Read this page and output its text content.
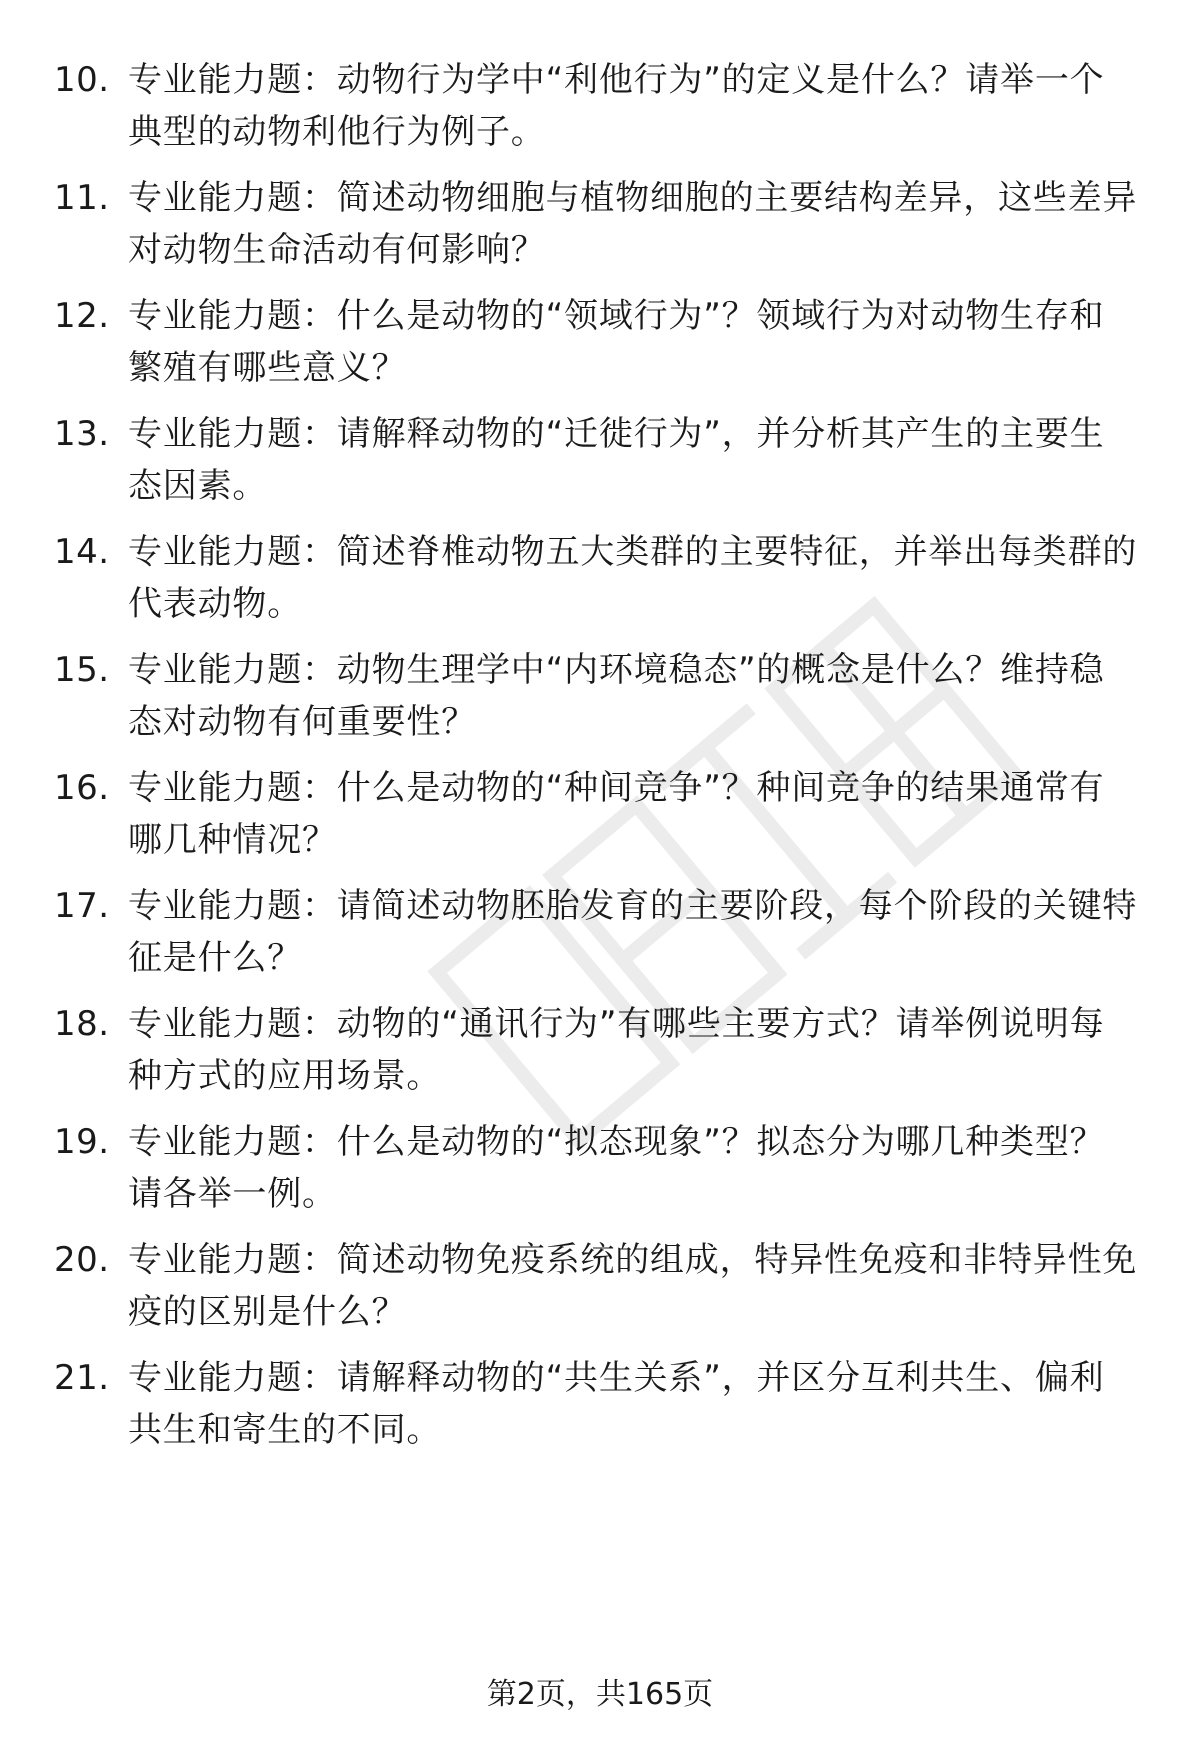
10. 专业能力题：动物行为学中“利他行为”的定义是什么？请举一个典型的动物利他行为例子。
11. 专业能力题：简述动物细胞与植物细胞的主要结构差异，这些差异对动物生命活动有何影响？
12. 专业能力题：什么是动物的“领域行为”？领域行为对动物生存和繁殖有哪些意义？
13. 专业能力题：请解释动物的“迁徙行为”，并分析其产生的主要生态因素。
14. 专业能力题：简述脊椎动物五大类群的主要特征，并举出每类群的代表动物。
15. 专业能力题：动物生理学中“内环境稳态”的概念是什么？维持稳态对动物有何重要性？
16. 专业能力题：什么是动物的“种间竞争”？种间竞争的结果通常有哪几种情况？
17. 专业能力题：请简述动物胚胎发育的主要阶段，每个阶段的关键特征是什么？
18. 专业能力题：动物的“通讯行为”有哪些主要方式？请举例说明每种方式的应用场景。
19. 专业能力题：什么是动物的“拟态现象”？拟态分为哪几种类型？请各举一例。
20. 专业能力题：简述动物免疫系统的组成，特异性免疫和非特异性免疫的区别是什么？
21. 专业能力题：请解释动物的“共生关系”，并区分互利共生、偏利共生和寄生的不同。
第2页，共165页
